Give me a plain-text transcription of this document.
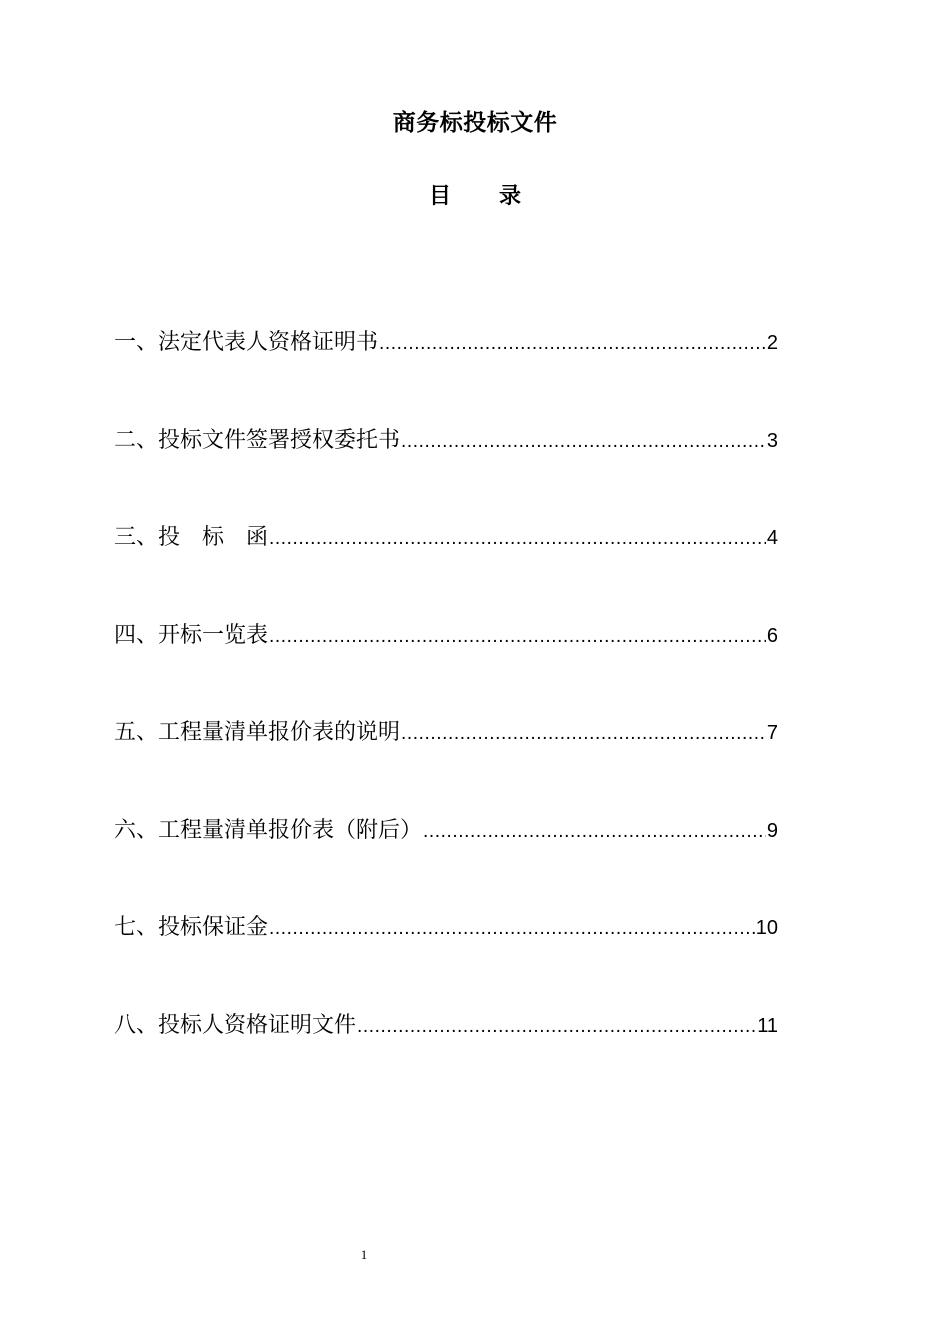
商务标投标文件
目 录
一、法定代表人资格证明书 .....	2
二、投标文件签署授权委托书 .....	3
三、投　标　函 .....	4
四、开标一览表 .....	6
五、工程量清单报价表的说明 .....	7
六、工程量清单报价表（附后） .....	9
七、投标保证金 .....	10
八、投标人资格证明文件 .....	11
1
